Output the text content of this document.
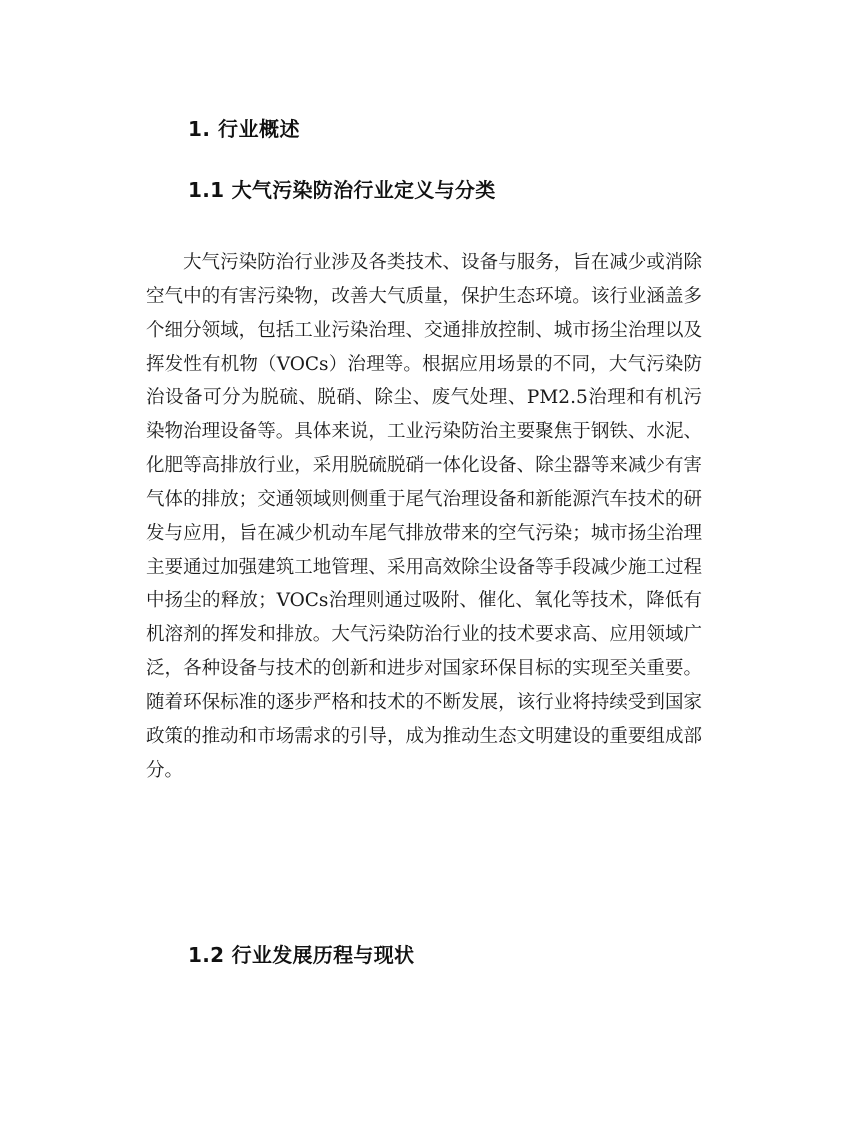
1. 行业概述
1.1 大气污染防治行业定义与分类

大气污染防治行业涉及各类技术、设备与服务，旨在减少或消除空气中的有害污染物，改善大气质量，保护生态环境。该行业涵盖多个细分领域，包括工业污染治理、交通排放控制、城市扬尘治理以及挥发性有机物（VOCs）治理等。根据应用场景的不同，大气污染防治设备可分为脱硫、脱硝、除尘、废气处理、PM2.5治理和有机污染物治理设备等。具体来说，工业污染防治主要聚焦于钢铁、水泥、化肥等高排放行业，采用脱硫脱硝一体化设备、除尘器等来减少有害气体的排放；交通领域则侧重于尾气治理设备和新能源汽车技术的研发与应用，旨在减少机动车尾气排放带来的空气污染；城市扬尘治理主要通过加强建筑工地管理、采用高效除尘设备等手段减少施工过程中扬尘的释放；VOCs治理则通过吸附、催化、氧化等技术，降低有机溶剂的挥发和排放。大气污染防治行业的技术要求高、应用领域广泛，各种设备与技术的创新和进步对国家环保目标的实现至关重要。随着环保标准的逐步严格和技术的不断发展，该行业将持续受到国家政策的推动和市场需求的引导，成为推动生态文明建设的重要组成部分。

1.2 行业发展历程与现状
